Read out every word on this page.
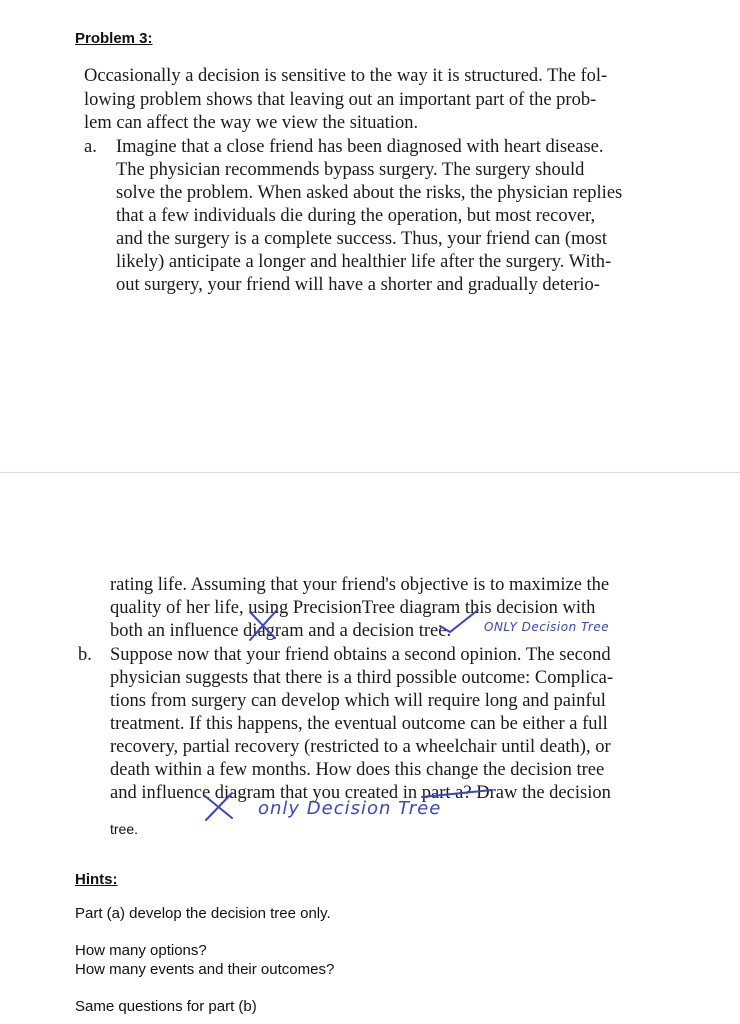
Problem 3:
Occasionally a decision is sensitive to the way it is structured. The fol-
lowing problem shows that leaving out an important part of the prob-
lem can affect the way we view the situation.
a. Imagine that a close friend has been diagnosed with heart disease.
The physician recommends bypass surgery. The surgery should
solve the problem. When asked about the risks, the physician replies
that a few individuals die during the operation, but most recover,
and the surgery is a complete success. Thus, your friend can (most
likely) anticipate a longer and healthier life after the surgery. With-
out surgery, your friend will have a shorter and gradually deterio-
rating life. Assuming that your friend's objective is to maximize the
quality of her life, using PrecisionTree diagram this decision with
both an influence diagram and a decision tree.	ONLY Decision Tree
b. Suppose now that your friend obtains a second opinion. The second
physician suggests that there is a third possible outcome: Complica-
tions from surgery can develop which will require long and painful
treatment. If this happens, the eventual outcome can be either a full
recovery, partial recovery (restricted to a wheelchair until death), or
death within a few months. How does this change the decision tree
and influence diagram that you created in part a? Draw the decision
tree.
only Decision Tree
Hints:
Part (a) develop the decision tree only.
How many options?
How many events and their outcomes?
Same questions for part (b)
